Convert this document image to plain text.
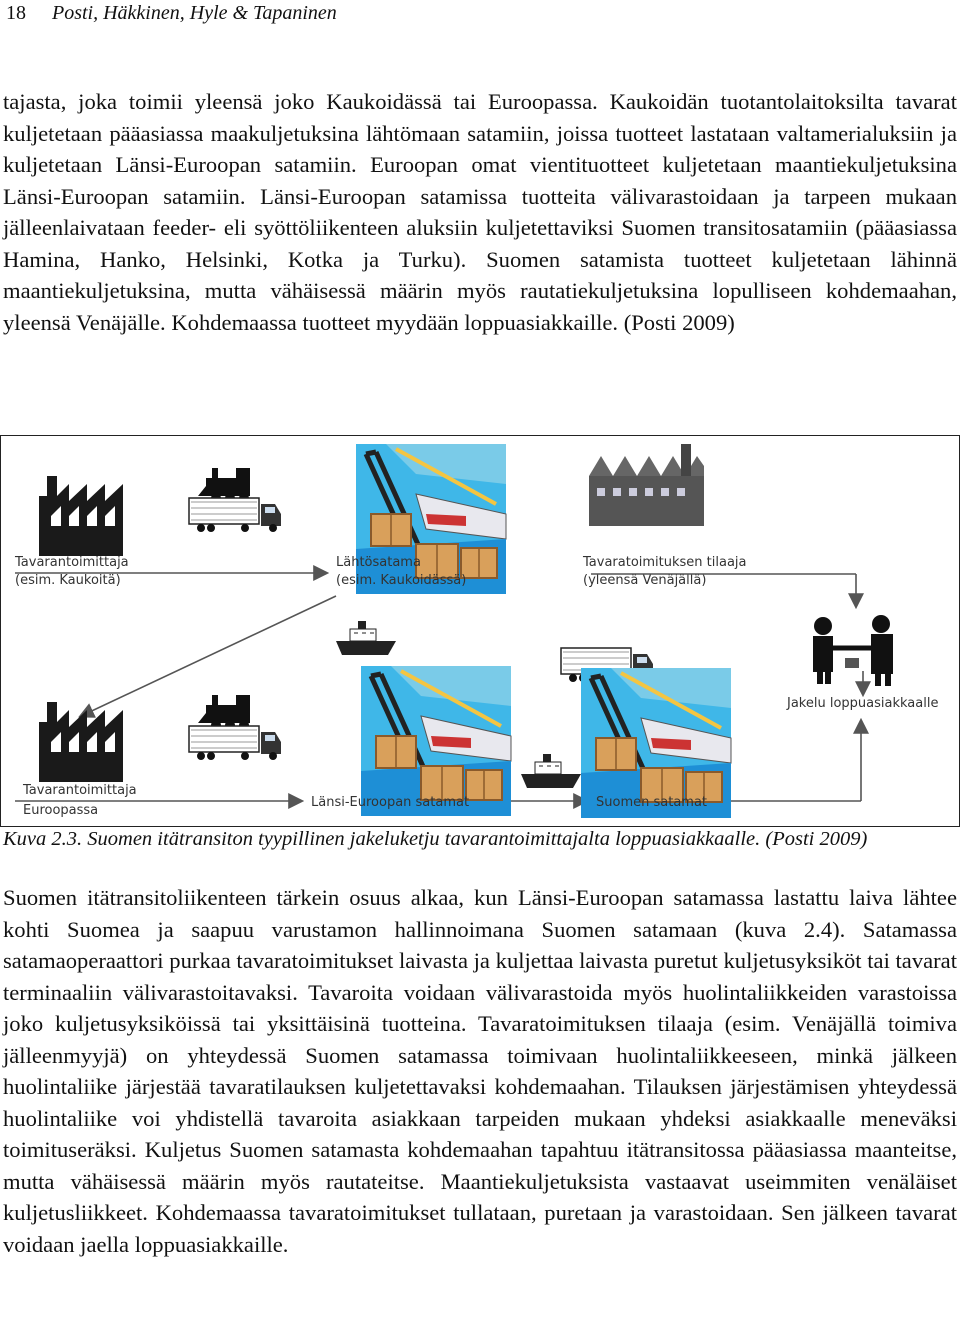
18 Posti, Häkkinen, Hyle & Tapaninen

tajasta, joka toimii yleensä joko Kaukoidässä tai Euroopassa. Kaukoidän tuotantolaitoksilta tavarat kuljetetaan pääasiassa maakuljetuksina lähtömaan satamiin, joissa tuotteet lastataan valtamerialuksiin ja kuljetetaan Länsi-Euroopan satamiin. Euroopan omat vientituotteet kuljetetaan maantiekuljetuksina Länsi-Euroopan satamiin. Länsi-Euroopan satamissa tuotteita välivarastoidaan ja tarpeen mukaan jälleenlaivataan feeder- eli syöttöliikenteen aluksiin kuljetettaviksi Suomen transitosatamiin (pääasiassa Hamina, Hanko, Helsinki, Kotka ja Turku). Suomen satamista tuotteet kuljetetaan lähinnä maantiekuljetuksina, mutta vähäisessä määrin myös rautatiekuljetuksina lopulliseen kohdemaahan, yleensä Venäjälle. Kohdemaassa tuotteet myydään loppuasiakkaille. (Posti 2009)

Tavarantoimittaja
(esim. Kaukoitä)
Lähtösatama
(esim. Kaukoidässä)
Tavaratoimituksen tilaaja
(yleensä Venäjällä)
Jakelu loppuasiakkaalle
Tavarantoimittaja
Euroopassa
Länsi-Euroopan satamat	Suomen satamat
Kuva 2.3. Suomen itätransiton tyypillinen jakeluketju tavarantoimittajalta loppuasiakkaalle. (Posti 2009)

Suomen itätransitoliikenteen tärkein osuus alkaa, kun Länsi-Euroopan satamassa lastattu laiva lähtee kohti Suomea ja saapuu varustamon hallinnoimana Suomen satamaan (kuva 2.4). Satamassa satamaoperaattori purkaa tavaratoimitukset laivasta ja kuljettaa laivasta puretut kuljetusyksiköt tai tavarat terminaaliin välivarastoitavaksi. Tavaroita voidaan välivarastoida myös huolintaliikkeiden varastoissa joko kuljetusyksiköissä tai yksittäisinä tuotteina. Tavaratoimituksen tilaaja (esim. Venäjällä toimiva jälleenmyyjä) on yhteydessä Suomen satamassa toimivaan huolintaliikkeeseen, minkä jälkeen huolintaliike järjestää tavaratilauksen kuljetettavaksi kohdemaahan. Tilauksen järjestämisen yhteydessä huolintaliike voi yhdistellä tavaroita asiakkaan tarpeiden mukaan yhdeksi asiakkaalle meneväksi toimituseräksi. Kuljetus Suomen satamasta kohdemaahan tapahtuu itätransitossa pääasiassa maanteitse, mutta vähäisessä määrin myös rautateitse. Maantiekuljetuksista vastaavat useimmiten venäläiset kuljetusliikkeet. Kohdemaassa tavaratoimitukset tullataan, puretaan ja varastoidaan. Sen jälkeen tavarat voidaan jaella loppuasiakkaille.
